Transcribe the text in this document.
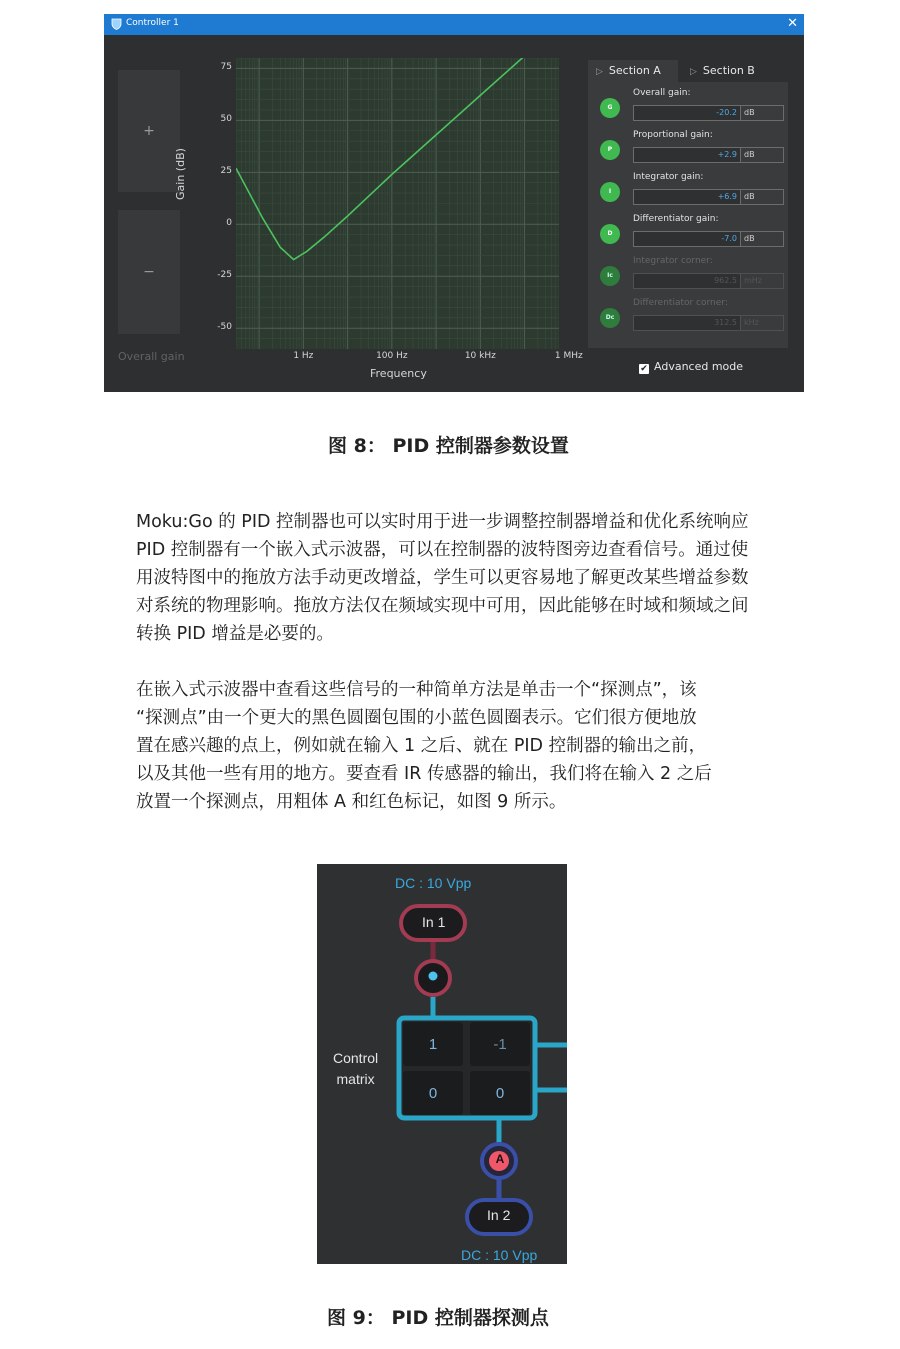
Controller 1	✕
+
−
Overall gain
Gain (dB)
75
50
25
0
-25
-50
1 Hz	100 Hz	10 kHz	1 MHz
Frequency
▷ Section A	▷ Section B
G
Overall gain:
-20.2 dB
P
Proportional gain:
+2.9 dB
I
Integrator gain:
+6.9 dB
D
Differentiator gain:
-7.0 dB
Ic
Integrator corner:
962.5 mHz
Dc
Differentiator corner:
312.5 kHz
✔ Advanced mode
图 8： PID 控制器参数设置
Moku:Go 的 PID 控制器也可以实时用于进一步调整控制器增益和优化系统响应
PID 控制器有一个嵌入式示波器，可以在控制器的波特图旁边查看信号。通过使
用波特图中的拖放方法手动更改增益，学生可以更容易地了解更改某些增益参数
对系统的物理影响。拖放方法仅在频域实现中可用，因此能够在时域和频域之间
转换 PID 增益是必要的。
在嵌入式示波器中查看这些信号的一种简单方法是单击一个“探测点”，该
“探测点”由一个更大的黑色圆圈包围的小蓝色圆圈表示。它们很方便地放
置在感兴趣的点上，例如就在输入 1 之后、就在 PID 控制器的输出之前，
以及其他一些有用的地方。要查看 IR 传感器的输出，我们将在输入 2 之后
放置一个探测点，用粗体 A 和红色标记，如图 9 所示。
DC : 10 Vpp
In 1
Control
matrix
1	-1
0	0
A
In 2
DC : 10 Vpp
图 9： PID 控制器探测点
